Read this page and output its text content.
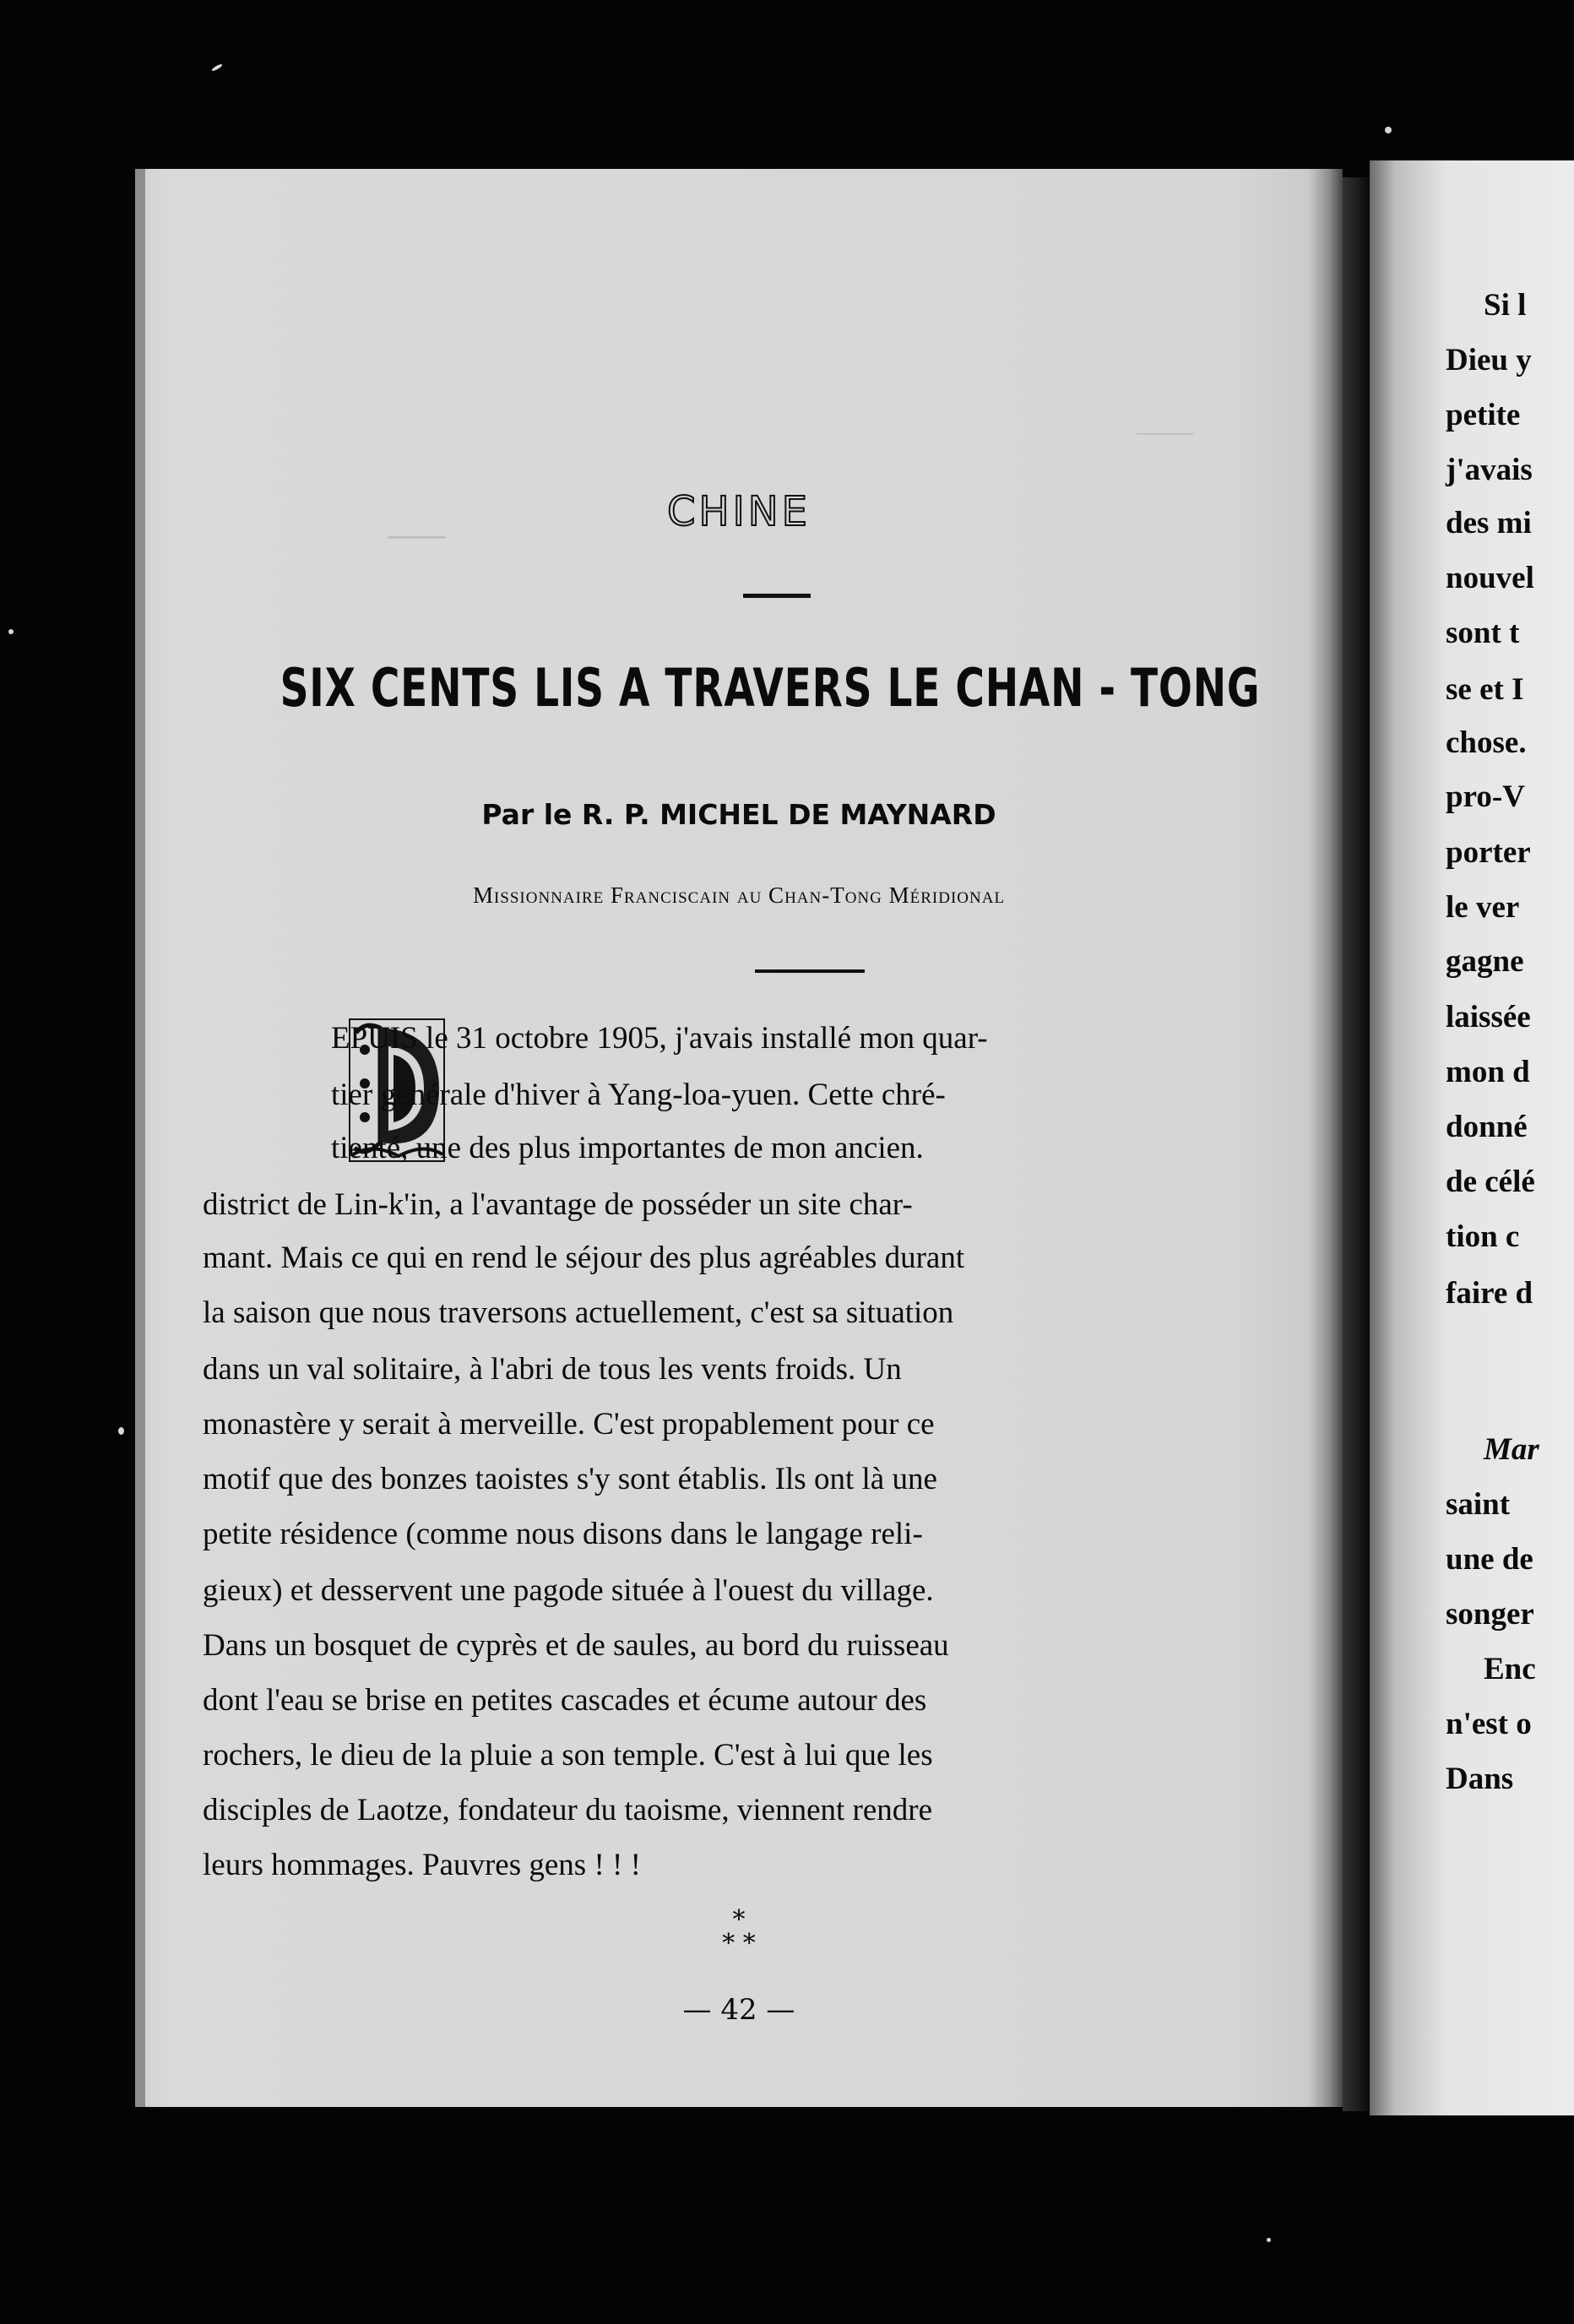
⸻
────
CHINE
SIX CENTS LIS A TRAVERS LE CHAN - TONG
Par le R. P. MICHEL DE MAYNARD
Missionnaire Franciscain au Chan-Tong Méridional
EPUIS le 31 octobre 1905, j'avais installé mon quar-
tier générale d'hiver à Yang-loa-yuen. Cette chré-
tienté, une des plus importantes de mon ancien.
district de Lin-k'in, a l'avantage de posséder un site char-
mant. Mais ce qui en rend le séjour des plus agréables durant
la saison que nous traversons actuellement, c'est sa situation
dans un val solitaire, à l'abri de tous les vents froids. Un
monastère y serait à merveille. C'est propablement pour ce
motif que des bonzes taoistes s'y sont établis. Ils ont là une
petite résidence (comme nous disons dans le langage reli-
gieux) et desservent une pagode située à l'ouest du village.
Dans un bosquet de cyprès et de saules, au bord du ruisseau
dont l'eau se brise en petites cascades et écume autour des
rochers, le dieu de la pluie a son temple. C'est à lui que les
disciples de Laotze, fondateur du taoisme, viennent rendre
leurs hommages. Pauvres gens ! ! !
*
* *
— 42 —
Si l
Dieu y
petite
j'avais
des mi
nouvel
sont t
se et I
chose.
pro-V
porter
le ver
gagne
laissée
mon d
donné
de célé
tion c
faire d
Mar
saint
une de
songer
Enc
n'est o
Dans
